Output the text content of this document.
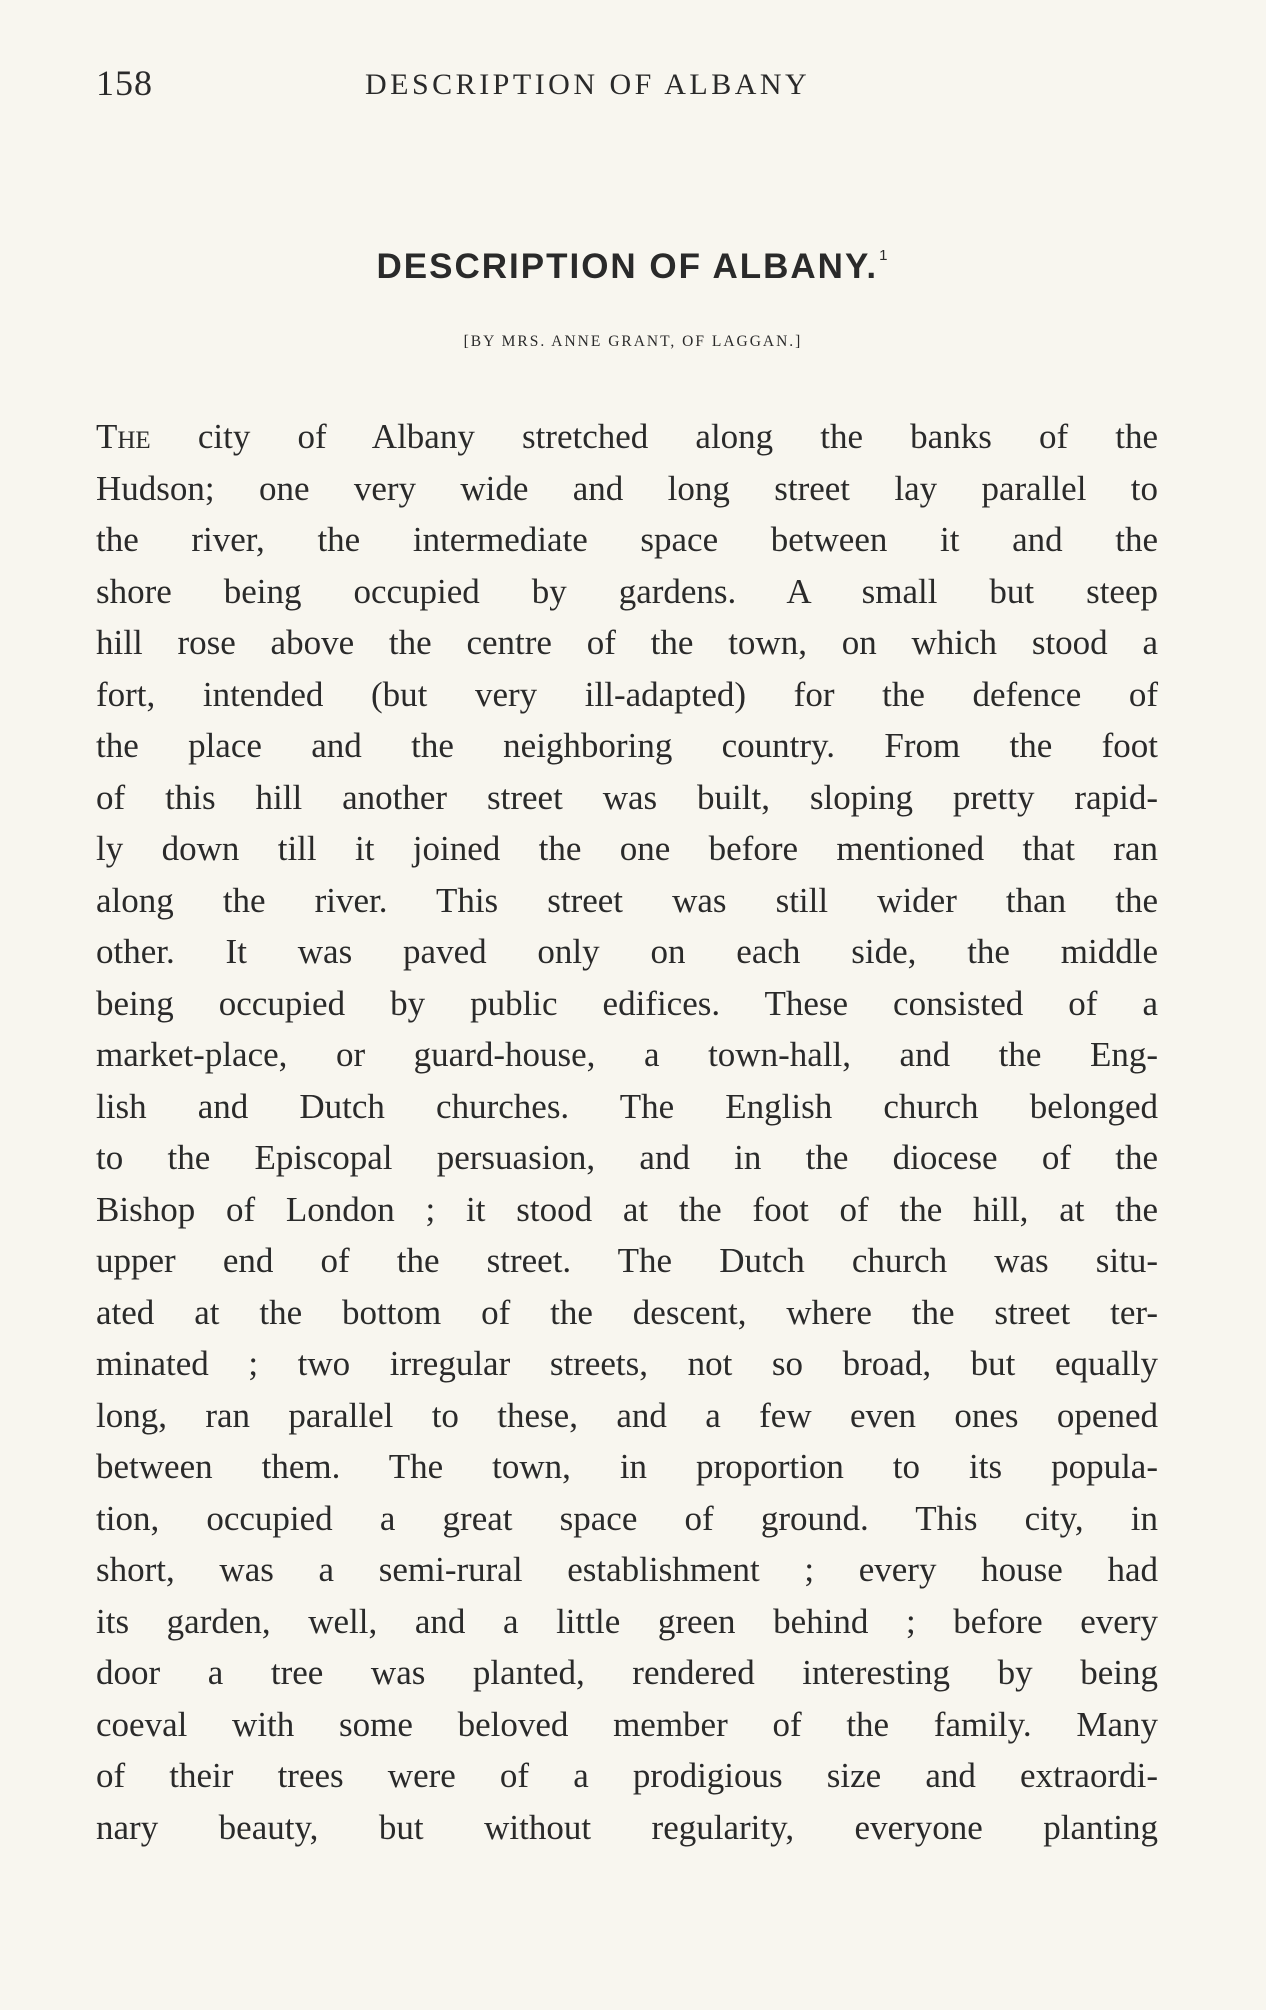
158	DESCRIPTION OF ALBANY
DESCRIPTION OF ALBANY.$^1$
[BY MRS. ANNE GRANT, OF LAGGAN.]
The city of Albany stretched along the banks of the
Hudson; one very wide and long street lay parallel to
the river, the intermediate space between it and the
shore being occupied by gardens. A small but steep
hill rose above the centre of the town, on which stood a
fort, intended (but very ill-adapted) for the defence of
the place and the neighboring country. From the foot
of this hill another street was built, sloping pretty rapid-
ly down till it joined the one before mentioned that ran
along the river. This street was still wider than the
other. It was paved only on each side, the middle
being occupied by public edifices. These consisted of a
market-place, or guard-house, a town-hall, and the Eng-
lish and Dutch churches. The English church belonged
to the Episcopal persuasion, and in the diocese of the
Bishop of London ; it stood at the foot of the hill, at the
upper end of the street. The Dutch church was situ-
ated at the bottom of the descent, where the street ter-
minated ; two irregular streets, not so broad, but equally
long, ran parallel to these, and a few even ones opened
between them. The town, in proportion to its popula-
tion, occupied a great space of ground. This city, in
short, was a semi-rural establishment ; every house had
its garden, well, and a little green behind ; before every
door a tree was planted, rendered interesting by being
coeval with some beloved member of the family. Many
of their trees were of a prodigious size and extraordi-
nary beauty, but without regularity, everyone planting
